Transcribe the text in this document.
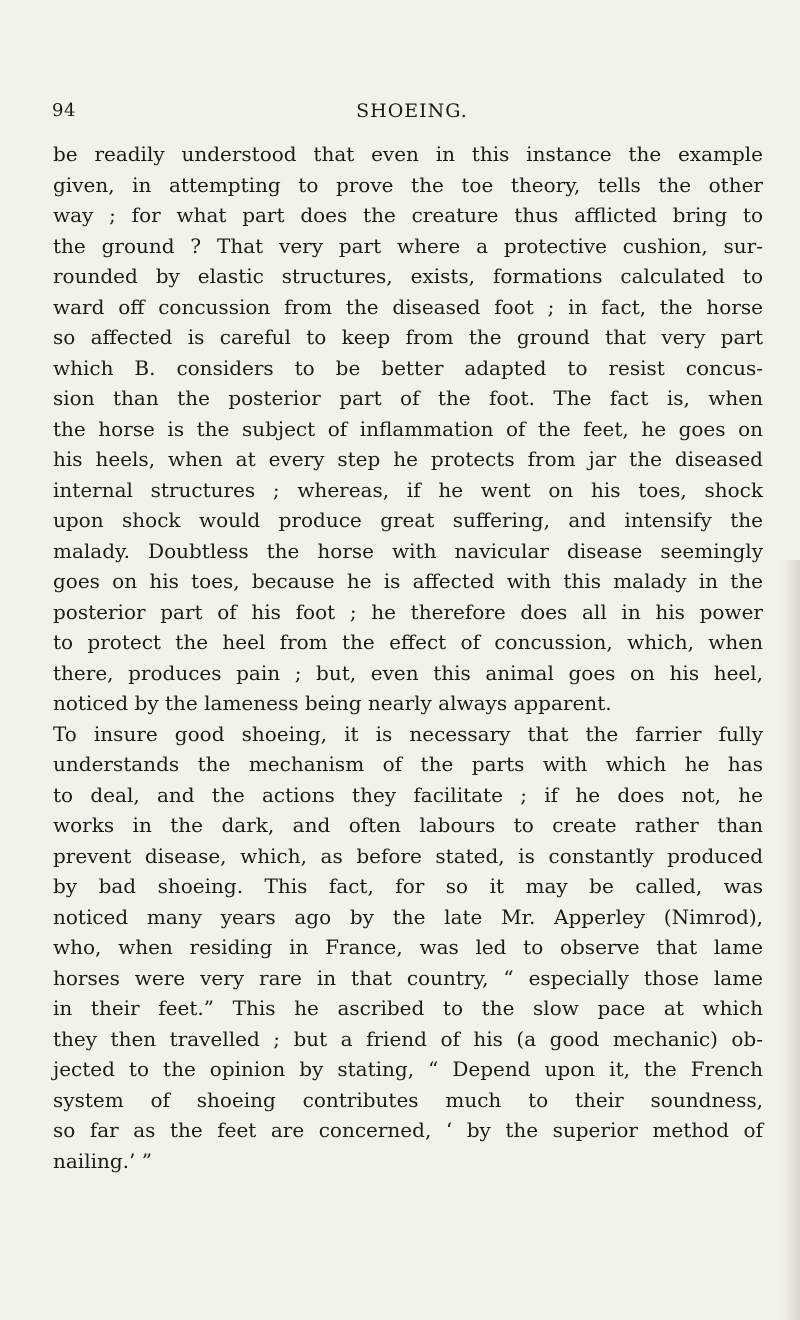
94	SHOEING.
be readily understood that even in this instance the example
given, in attempting to prove the toe theory, tells the other
way ; for what part does the creature thus afflicted bring to
the ground ? That very part where a protective cushion, sur-
rounded by elastic structures, exists, formations calculated to
ward off concussion from the diseased foot ; in fact, the horse
so affected is careful to keep from the ground that very part
which B. considers to be better adapted to resist concus-
sion than the posterior part of the foot. The fact is, when
the horse is the subject of inflammation of the feet, he goes on
his heels, when at every step he protects from jar the diseased
internal structures ; whereas, if he went on his toes, shock
upon shock would produce great suffering, and intensify the
malady. Doubtless the horse with navicular disease seemingly
goes on his toes, because he is affected with this malady in the
posterior part of his foot ; he therefore does all in his power
to protect the heel from the effect of concussion, which, when
there, produces pain ; but, even this animal goes on his heel,
noticed by the lameness being nearly always apparent.
To insure good shoeing, it is necessary that the farrier fully
understands the mechanism of the parts with which he has
to deal, and the actions they facilitate ; if he does not, he
works in the dark, and often labours to create rather than
prevent disease, which, as before stated, is constantly produced
by bad shoeing. This fact, for so it may be called, was
noticed many years ago by the late Mr. Apperley (Nimrod),
who, when residing in France, was led to observe that lame
horses were very rare in that country, “ especially those lame
in their feet.” This he ascribed to the slow pace at which
they then travelled ; but a friend of his (a good mechanic) ob-
jected to the opinion by stating, “ Depend upon it, the French
system of shoeing contributes much to their soundness,
so far as the feet are concerned, ‘ by the superior method of
nailing.’ ”
